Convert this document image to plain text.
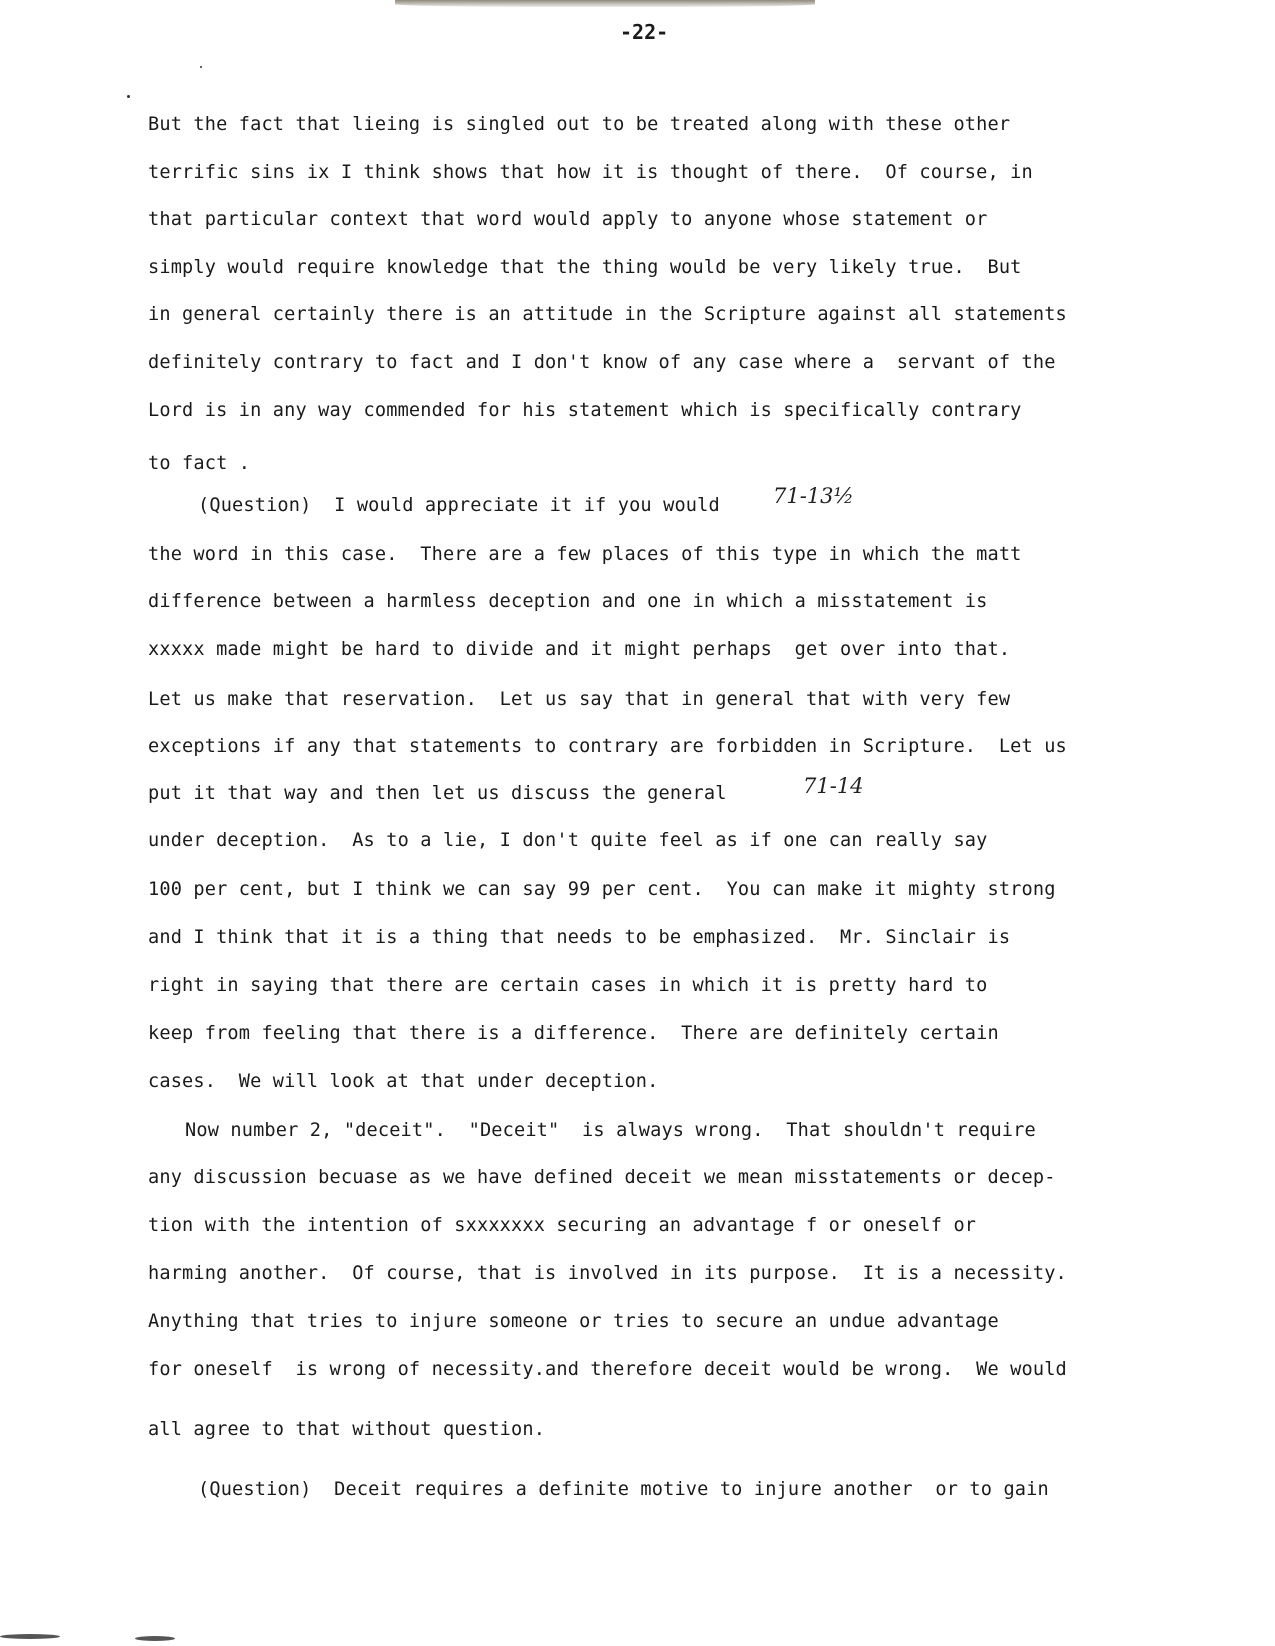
-22-
But the fact that lieing is singled out to be treated along with these other
terrific sins ix I think shows that how it is thought of there.  Of course, in
that particular context that word would apply to anyone whose statement or
simply would require knowledge that the thing would be very likely true.  But
in general certainly there is an attitude in the Scripture against all statements
definitely contrary to fact and I don't know of any case where a  servant of the
Lord is in any way commended for his statement which is specifically contrary
to fact .
(Question)  I would appreciate it if you would
the word in this case.  There are a few places of this type in which the matt
difference between a harmless deception and one in which a misstatement is
xxxxx made might be hard to divide and it might perhaps  get over into that.
Let us make that reservation.  Let us say that in general that with very few
exceptions if any that statements to contrary are forbidden in Scripture.  Let us
put it that way and then let us discuss the general
under deception.  As to a lie, I don't quite feel as if one can really say
100 per cent, but I think we can say 99 per cent.  You can make it mighty strong
and I think that it is a thing that needs to be emphasized.  Mr. Sinclair is
right in saying that there are certain cases in which it is pretty hard to
keep from feeling that there is a difference.  There are definitely certain
cases.  We will look at that under deception.
Now number 2, "deceit".  "Deceit"  is always wrong.  That shouldn't require
any discussion becuase as we have defined deceit we mean misstatements or decep-
tion with the intention of sxxxxxxx securing an advantage f or oneself or
harming another.  Of course, that is involved in its purpose.  It is a necessity.
Anything that tries to injure someone or tries to secure an undue advantage
for oneself  is wrong of necessity.and therefore deceit would be wrong.  We would
all agree to that without question.
(Question)  Deceit requires a definite motive to injure another  or to gain
71-13½
71-14
